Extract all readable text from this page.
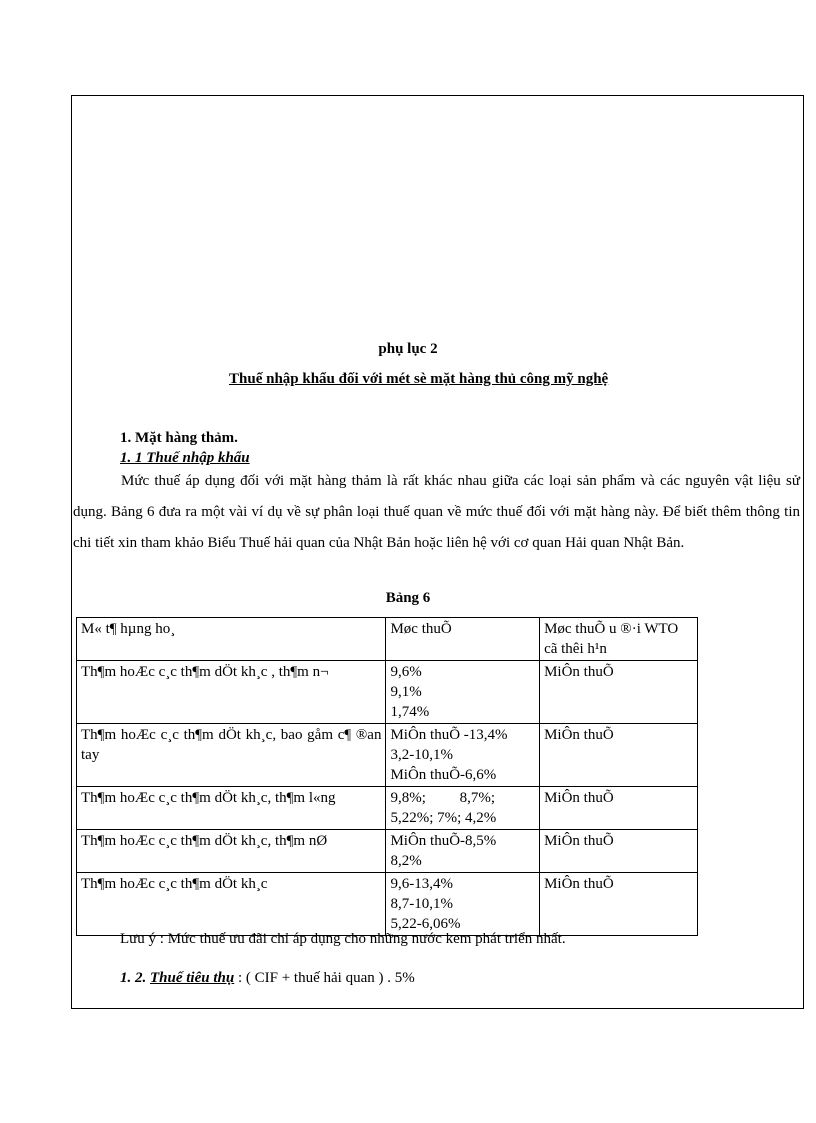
phụ lục 2
Thuế nhập khẩu đối với mét sè mặt hàng thủ công mỹ nghệ
1. Mặt hàng thảm.
1. 1 Thuế nhập khẩu

Mức thuế áp dụng đối với mặt hàng thảm là rất khác nhau giữa các loại sản phẩm và các nguyên vật liệu sử dụng. Bảng 6 đưa ra một vài ví dụ về sự phân loại thuế quan về mức thuế đối với mặt hàng này. Để biết thêm thông tin chi tiết xin tham khảo Biểu Thuế hải quan của Nhật Bản hoặc liên hệ với cơ quan Hải quan Nhật Bản.

Bảng 6
M« t¶ hµng ho¸	Møc thuÕ	Møc thuÕ u ®·i WTO cã thêi h¹n
Th¶m hoÆc c¸c th¶m dÖt kh¸c , th¶m n¬	9,6%
9,1%
1,74%	MiÔn thuÕ
Th¶m hoÆc c¸c th¶m dÖt kh¸c, bao gåm c¶ ®an tay	MiÔn thuÕ -13,4%
3,2-10,1%
MiÔn thuÕ-6,6%	MiÔn thuÕ
Th¶m hoÆc c¸c th¶m dÖt kh¸c, th¶m l«ng	9,8%;         8,7%;
5,22%; 7%; 4,2%	MiÔn thuÕ
Th¶m hoÆc c¸c th¶m dÖt kh¸c, th¶m nØ	MiÔn thuÕ-8,5%
8,2%	MiÔn thuÕ
Th¶m hoÆc c¸c th¶m dÖt kh¸c	9,6-13,4%
8,7-10,1%
5,22-6,06%	MiÔn thuÕ
Lưu ý : Mức thuế ưu đãi chỉ áp dụng cho những nước kem phát triển nhất.
1. 2. Thuế tiêu thụ : ( CIF + thuế hải quan ) . 5%
